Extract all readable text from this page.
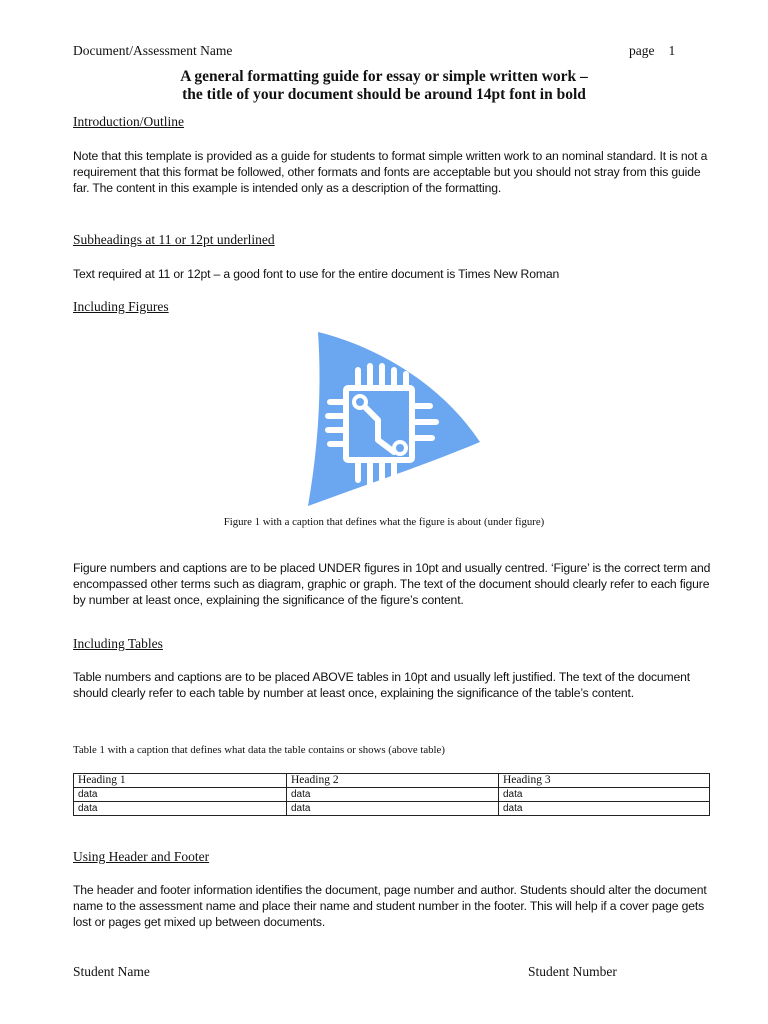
Document/Assessment Name	page 1
A general formatting guide for essay or simple written work –
the title of your document should be around 14pt font in bold
Introduction/Outline
Note that this template is provided as a guide for students to format simple written work to an nominal standard. It is not a requirement that this format be followed, other formats and fonts are acceptable but you should not stray from this guide far. The content in this example is intended only as a description of the formatting.
Subheadings at 11 or 12pt underlined
Text required at 11 or 12pt – a good font to use for the entire document is Times New Roman
Including Figures
Figure 1 with a caption that defines what the figure is about (under figure)
Figure numbers and captions are to be placed UNDER figures in 10pt and usually centred. ‘Figure’ is the correct term and encompassed other terms such as diagram, graphic or graph. The text of the document should clearly refer to each figure by number at least once, explaining the significance of the figure’s content.
Including Tables
Table numbers and captions are to be placed ABOVE tables in 10pt and usually left justified. The text of the document should clearly refer to each table by number at least once, explaining the significance of the table’s content.
Table 1 with a caption that defines what data the table contains or shows (above table)
Heading 1	Heading 2	Heading 3
data	data	data
data	data	data
Using Header and Footer
The header and footer information identifies the document, page number and author. Students should alter the document name to the assessment name and place their name and student number in the footer. This will help if a cover page gets lost or pages get mixed up between documents.
Student Name	Student Number
